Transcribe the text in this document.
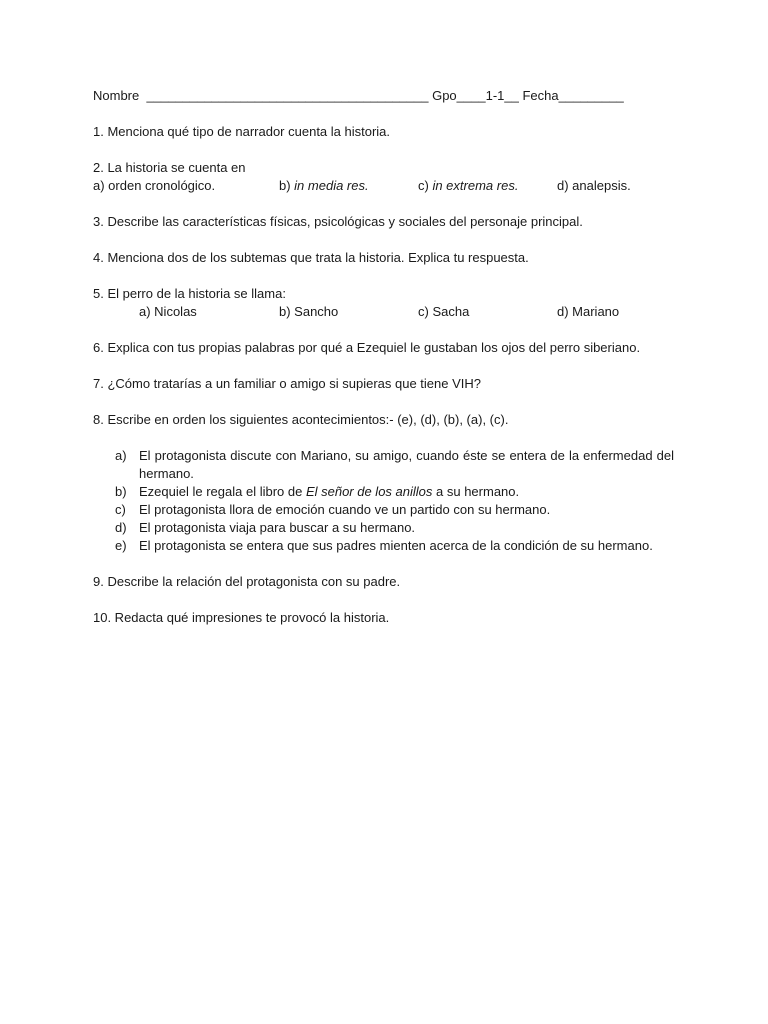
Nombre _______________________________________ Gpo____1-1__ Fecha_________
1. Menciona qué tipo de narrador cuenta la historia.
2. La historia se cuenta en
a) orden cronológico.	b) in media res.	c) in extrema res.	d) analepsis.
3. Describe las características físicas, psicológicas y sociales del personaje principal.
4. Menciona dos de los subtemas que trata la historia. Explica tu respuesta.
5. El perro de la historia se llama:
a) Nicolas	b) Sancho	c) Sacha	d) Mariano
6. Explica con tus propias palabras por qué a Ezequiel le gustaban los ojos del perro siberiano.
7. ¿Cómo tratarías a un familiar o amigo si supieras que tiene VIH?
8. Escribe en orden los siguientes acontecimientos:- (e), (d), (b), (a), (c).
a) El protagonista discute con Mariano, su amigo, cuando éste se entera de la enfermedad del hermano.
b) Ezequiel le regala el libro de El señor de los anillos a su hermano.
c) El protagonista llora de emoción cuando ve un partido con su hermano.
d) El protagonista viaja para buscar a su hermano.
e) El protagonista se entera que sus padres mienten acerca de la condición de su hermano.
9. Describe la relación del protagonista con su padre.
10. Redacta qué impresiones te provocó la historia.
